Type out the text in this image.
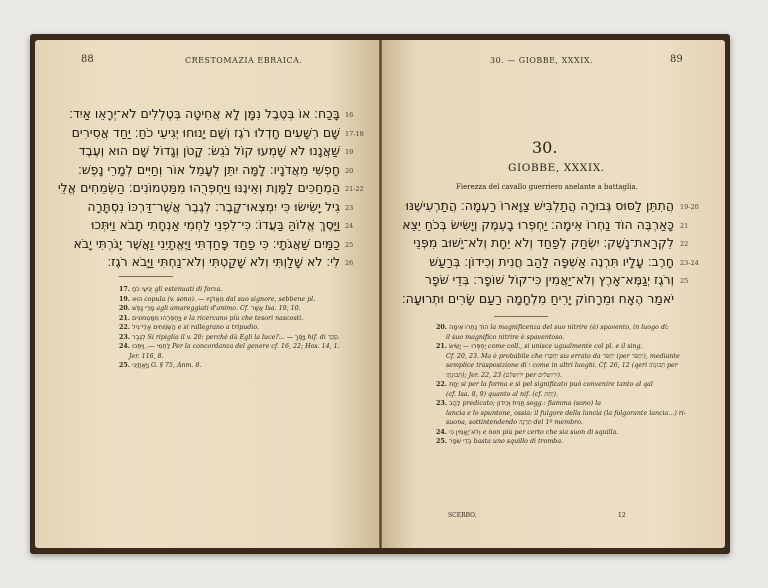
88	CRESTOMAZIA EBRAICA.
בָּכַח׃ אוֹ בְּטֶבֶל נִמָּן לָא אֲחִיטָה בְּטֶלְלִים לֹא־יְרָאֵו אַיִד׃ 16
שָׁם רְשָׁעִים חָדְלוּ רֹגֶז וְשָׁם יָנוּחוּ יְגִיעֵי כֹחַ׃ יַחַד אֲסִירִים 17-18
שַׁאֲנָנוּ לֹא שָׁמְעוּ קוֹל נֹגֵשׂ׃ קָטֹן וְגָדוֹל שָׁם הוּא וְעֶבֶד 19
חָפְשִׁי מֵאֲדֹנָיו׃ לָמָּה יִתֵּן לְעָמֵל אוֹר וְחַיִּים לְמָרֵי נָפֶשׁ׃ 20
הַמְחַכִּים לַמָּוֶת וְאֵינֶנּוּ וַיַּחְפְּרֻהוּ מִמַּטְמוֹנִים׃ הַשְּׂמֵחִים אֱלֵי 21-22
גִיל יָשִׂישׂוּ כִּי יִמְצְאוּ־קָבֶר׃ לְגֶבֶר אֲשֶׁר־דַּרְכּוֹ נִסְתָּרָה 23
וַיָּסֶךְ אֱלוֹהַּ בַּעֲדוֹ׃ כִּי־לִפְנֵי לַחְמִי אַנְחָתִי תָבֹא וַיִּתְּכוּ 24
כַמַּיִם שַׁאֲגֹתָי׃ כִּי פַחַד פָּחַדְתִּי וַיֶּאֱתָיֵנִי וַאֲשֶׁר יָגֹרְתִּי יָבֹא 25
לִי׃ לֹא שָׁלַוְתִּי וְלֹא שָׁקַטְתִּי וְלֹא־נַחְתִּי וַיָּבֹא רֹגֶז׃ 26
17. יְגִיעֵי כֹחַ gli estenuati di forza.
19. הוּא copula (v. sono). — מֵאֲדֹנָיו dal suo signore, sebbene pl.
20. מָרֵי נָפֶשׁ agli amareggiati d'animo. Cf. אֲשֶׁר Isa. 19, 10.
21. וַיַּחְפְּרֻהוּ מִמַּטְמוֹנִים e la ricercano più che tesori nascosti.
22. הַשְּׂמֵחִים אֱלֵי־גִיל e si rallegrano a tripudio.
23. לְגֶבֶר Si ripiglia il v. 20: perchè dà Egli la luce?... — וַיָּסֶךְ hif. di סָכַךְ.
24.	לַחְמִי —. וַיִּתְּכוּ	Per la concordanza del genere cf. 16, 22; Hos. 14, 1.
Jer. 116, 8.
25. וַיֶּאֱתָיֵנִי G. § 75, Anm. 8.
30. — GIOBBE, XXXIX.	89
30.
GIOBBE, XXXIX.
Fierezza del cavallo guerriero anelante a battaglia.
הֲתִתֵּן לַסּוּס גְּבוּרָה הֲתַלְבִּישׁ צַוָּארוֹ רַעְמָה׃ הֲתַרְעִישֶׁנּוּ 19-20
כָּאַרְבֶּה הוֹד נַחְרוֹ אֵימָה׃ יַחְפְּרוּ בָעֵמֶק וְיָשִׂישׂ בְּכֹחַ יֵצֵא 21
לִקְרַאת־נָשֶׁק׃ יִשְׂחַק לְפַחַד וְלֹא יֵחָת וְלֹא־יָשׁוּב מִפְּנֵי 22
חָרֶב׃ עָלָיו תִּרְנֶה אַשְׁפָּה לַהַב חֲנִית וְכִידוֹן׃ בְּרַעַשׁ 23-24
וְרֹגֶז יְגַמֶּא־אָרֶץ וְלֹא־יַאֲמִין כִּי־קוֹל שׁוֹפָר׃ בְּדֵי שֹׁפָר 25
יֹאמַר הֶאָח וּמֵרָחוֹק יָרִיחַ מִלְחָמָה רַעַם שָׂרִים וּתְרוּעָה׃
20. הוֹד נַחְרוֹ אֵימָה la magnificenza del suo nitrire (è) spavento, in luogo di:
il suo magnifico nitrire è spaventoso.
21. יַחְפְּרוּ — יָשִׂישׂ come coll., si unisce ugualmente col pl. e il sing.
Cf. 20, 23. Ma è probabile che יַחְפְּרוּ sia errato da יַחְפֹּר (per יַחְפֹּר), mediante
semplice trasposizione di ו come in altri luoghi. Cf. 26, 12 (qerì תְּבוּנָתוֹ per
תְּבוּנָתָו); Jer. 22, 23 (ירושלם per ירושלים).
22. יֵחָת si per la forma e si pel significato può convenire tanto al qal
(cf. Isa. 8, 9) quanto al nif. (cf. יֵחַת).
23. לַהַב predicato; חֲנִית וְכִידוֹן sogg.: fiamma (sono) la
lancia e lo spuntone, ossia: il fulgore della lancia (la folgorante lancia...) ri-
suona, sottintendendo תִּרְנֶה del 1º membro.
24. וְלֹא־יַאֲמִין כִּי e non più per certo che sia suon di squilla.
25. בְּדֵי שֹׁפָר basta uno squillo di tromba.
SCERBO.	12
